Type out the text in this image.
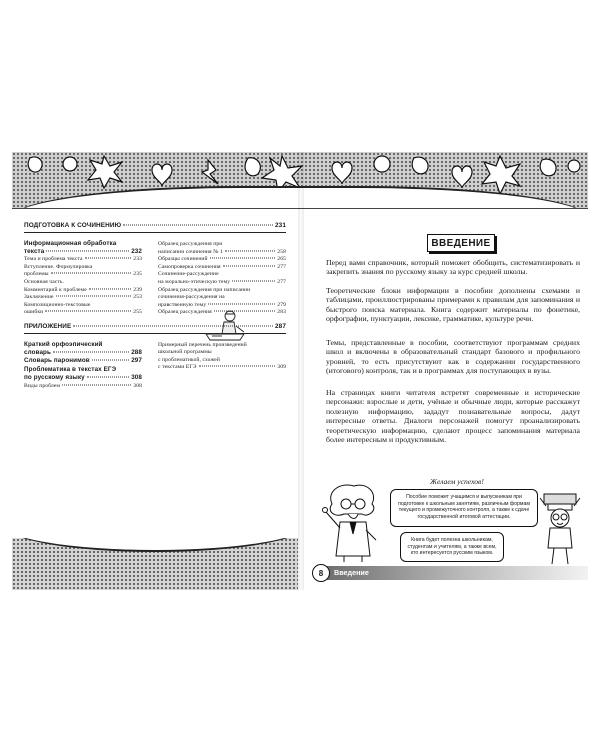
ПОДГОТОВКА К СОЧИНЕНИЮ	231
Информационная обработка
текста	232
Тема и проблема текста	233
Вступление. Формулировка
проблемы	235
Основная часть.
Комментарий к проблеме	239
Заключение	253
Композиционно-текстовые
ошибки	255
Образец рассуждения при
написании сочинения № 1	258
Образцы сочинений	265
Самопроверка сочинения	277
Сочинение-рассуждение
на морально-этическую тему	277
Образец рассуждения при написании
сочинения-рассуждения на
нравственную тему	279
Образец рассуждения	283
ПРИЛОЖЕНИЕ	287
Краткий орфоэпический
словарь	288
Словарь паронимов	297
Проблематика в текстах ЕГЭ
по русскому языку	308
Виды проблем	308
Примерный перечень произведений
школьной программы
с проблематикой, схожей
с текстами ЕГЭ	309
ВВЕДЕНИЕ
Перед вами справочник, который поможет обобщить, систематизировать и закрепить знания по русскому языку за курс средней школы.
Теоретические блоки информации в пособии дополнены схемами и таблицами, проиллюстрированы примерами к правилам для запоминания и быстрого поиска материала. Книга содержит материалы по фонетике, орфографии, пунктуации, лексике, грамматике, культуре речи.
Темы, представленные в пособии, соответствуют программам средних школ и включены в образовательный стандарт базового и профильного уровней, то есть присутствуют как в содержании государственного (итогового) контроля, так и в программах для поступающих в вузы.
На страницах книги читателя встретят современные и исторические персонажи: взрослые и дети, учёные и обычные люди, которые расскажут полезную информацию, зададут познавательные вопросы, дадут интересные ответы. Диалоги персонажей помогут проанализировать теоретическую информацию, сделают процесс запоминания материала более интересным и продуктивным.
Желаем успехов!
Пособие поможет учащимся и выпускникам при подготовке к школьным занятиям, различным формам текущего и промежуточного контроля, а также к сдаче государственной итоговой аттестации.
Книга будет полезна школьникам, студентам и учителям, а также всем, кто интересуется русским языком.
8	Введение
